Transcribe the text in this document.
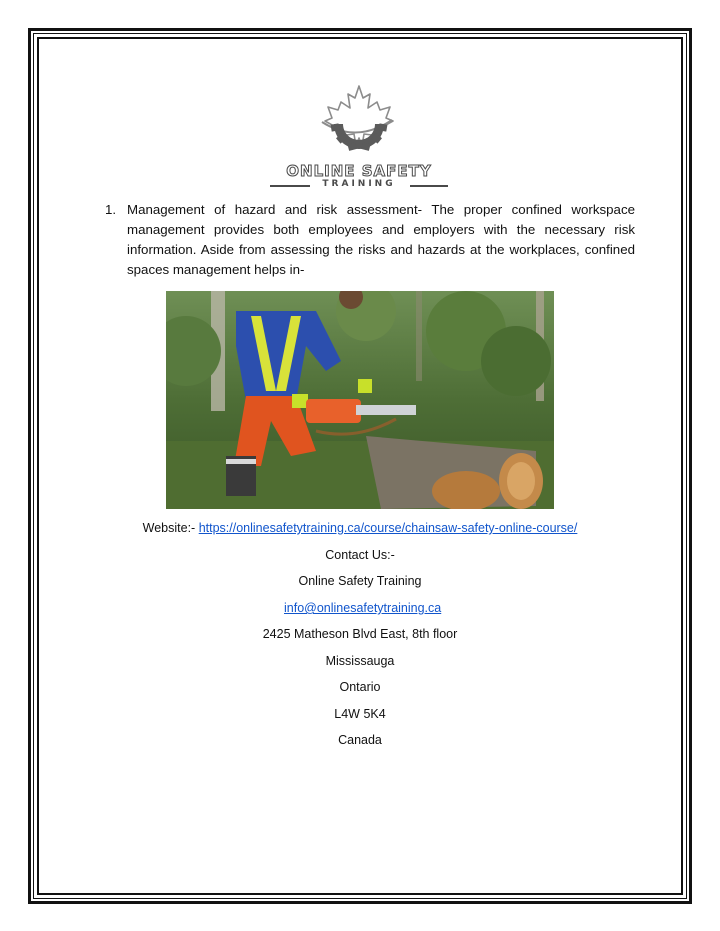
ONLINE SAFETY
TRAINING
1. Management of hazard and risk assessment- The proper confined workspace management provides both employees and employers with the necessary risk information. Aside from assessing the risks and hazards at the workplaces, confined spaces management helps in-
Website:- https://onlinesafetytraining.ca/course/chainsaw-safety-online-course/
Contact Us:-
Online Safety Training
info@onlinesafetytraining.ca
2425 Matheson Blvd East, 8th floor
Mississauga
Ontario
L4W 5K4
Canada
